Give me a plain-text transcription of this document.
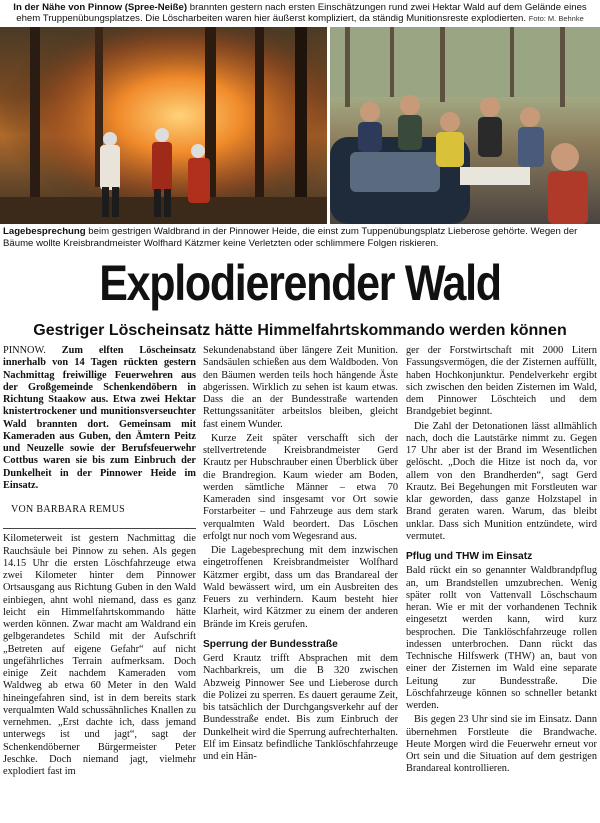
In der Nähe von Pinnow (Spree-Neiße) brannten gestern nach ersten Einschätzungen rund zwei Hektar Wald auf dem Gelände eines ehem Truppenübungsplatzes. Die Löscharbeiten waren hier äußerst kompliziert, da ständig Munitionsreste explodierten. Foto: M. Behnke
Lagebesprechung beim gestrigen Waldbrand in der Pinnower Heide, die einst zum Tuppenübungsplatz Lieberose gehörte. Wegen der Bäume wollte Kreisbrandmeister Wolfhard Kätzmer keine Verletzten oder schlimmere Folgen riskieren.
Explodierender Wald
Gestriger Löscheinsatz hätte Himmelfahrtskommando werden können

PINNOW. Zum elften Löscheinsatz innerhalb von 14 Tagen rückten gestern Nachmittag freiwillige Feuerwehren aus der Großgemeinde Schenkendöbern in Richtung Staakow aus. Etwa zwei Hektar knistertrockener und munitionsverseuchter Wald brannten dort. Gemeinsam mit Kameraden aus Guben, den Ämtern Peitz und Neuzelle sowie der Berufsfeuerwehr Cottbus waren sie bis zum Einbruch der Dunkelheit in der Pinnower Heide im Einsatz.

VON BARBARA REMUS

Kilometerweit ist gestern Nachmittag die Rauchsäule bei Pinnow zu sehen. Als gegen 14.15 Uhr die ersten Löschfahrzeuge etwa zwei Kilometer hinter dem Pinnower Ortsausgang aus Richtung Guben in den Wald einbiegen, ahnt wohl niemand, dass es ganz leicht ein Himmelfahrtskommando hätte werden können. Zwar macht am Waldrand ein gelbgerandetes Schild mit der Aufschrift „Betreten auf eigene Gefahr“ auf nicht ungefährliches Terrain aufmerksam. Doch einige Zeit nachdem Kameraden vom Waldweg ab etwa 60 Meter in den Wald hineingefahren sind, ist in dem bereits stark verqualmten Wald schussähnliches Knallen zu vernehmen. „Erst dachte ich, dass jemand unterwegs ist und jagt“, sagt der Schenkendöberner Bürgermeister Peter Jeschke. Doch niemand jagt, vielmehr explodiert fast im

Sekundenabstand über längere Zeit Munition. Sandsäulen schießen aus dem Waldboden. Von den Bäumen werden teils hoch hängende Äste abgerissen. Wirklich zu sehen ist kaum etwas. Dass die an der Bundesstraße wartenden Rettungssanitäter arbeitslos bleiben, gleicht fast einem Wunder.

Kurze Zeit später verschafft sich der stellvertretende Kreisbrandmeister Gerd Krautz per Hubschrauber einen Überblick über die Brandregion. Kaum wieder am Boden, werden sämtliche Männer – etwa 70 Kameraden sind insgesamt vor Ort sowie Forstarbeiter – und Fahrzeuge aus dem stark verqualmten Wald beordert. Das Löschen erfolgt nur noch vom Wegesrand aus.

Die Lagebesprechung mit dem inzwischen eingetroffenen Kreisbrandmeister Wolfhard Kätzmer ergibt, dass um das Brandareal der Wald bewässert wird, um ein Ausbreiten des Feuers zu verhindern. Kaum besteht hier Klarheit, wird Kätzmer zu einem der anderen Brände im Kreis gerufen.

Sperrung der Bundesstraße

Gerd Krautz trifft Absprachen mit dem Nachbarkreis, um die B 320 zwischen Abzweig Pinnower See und Lieberose durch die Polizei zu sperren. Es dauert geraume Zeit, bis tatsächlich der Durchgangsverkehr auf der Bundesstraße endet. Bis zum Einbruch der Dunkelheit wird die Sperrung aufrechterhalten. Elf im Einsatz befindliche Tanklöschfahrzeuge und ein Hän-

ger der Forstwirtschaft mit 2000 Litern Fassungsvermögen, die der Zisternen auffüllt, haben Hochkonjunktur. Pendelverkehr ergibt sich zwischen den beiden Zisternen im Wald, dem Pinnower Löschteich und dem Brandgebiet beginnt.

Die Zahl der Detonationen lässt allmählich nach, doch die Lautstärke nimmt zu. Gegen 17 Uhr aber ist der Brand im Wesentlichen gelöscht. „Doch die Hitze ist noch da, vor allem von den Brandherden“, sagt Gerd Krautz. Bei Begehungen mit Forstleuten war klar geworden, dass ganze Holzstapel in Brand geraten waren. Warum, das bleibt unklar. Dass sich Munition entzündete, wird vermutet.

Pflug und THW im Einsatz

Bald rückt ein so genannter Waldbrandpflug an, um Brandstellen umzubrechen. Wenig später rollt von Vattenvall Löschschaum heran. Wie er mit der vorhandenen Technik eingesetzt werden kann, wird kurz besprochen. Die Tanklöschfahrzeuge rollen indessen unterbrochen. Dann rückt das Technische Hilfswerk (THW) an, baut von einer der Zisternen im Wald eine separate Leitung zur Bundesstraße. Die Löschfahrzeuge können so schneller betankt werden.

Bis gegen 23 Uhr sind sie im Einsatz. Dann übernehmen Forstleute die Brandwache. Heute Morgen wird die Feuerwehr erneut vor Ort sein und die Situation auf dem gestrigen Brandareal kontrollieren.
